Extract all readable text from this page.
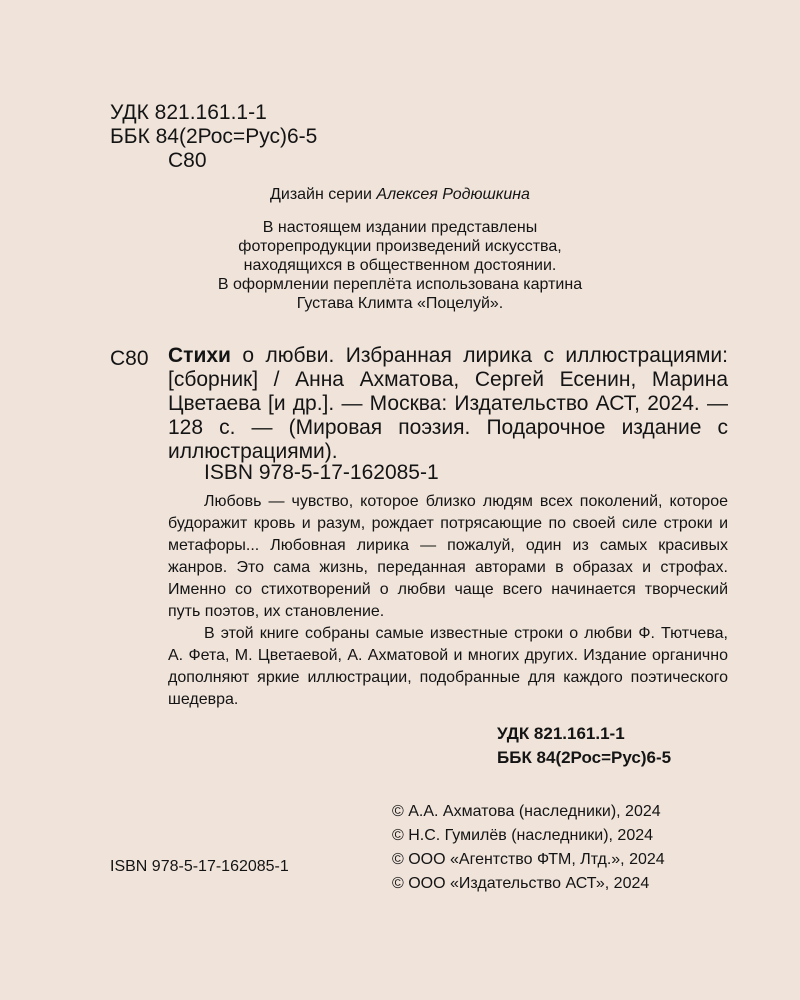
УДК 821.161.1-1
ББК 84(2Рос=Рус)6-5
С80
Дизайн серии Алексея Родюшкина
В настоящем издании представлены
фоторепродукции произведений искусства,
находящихся в общественном достоянии.
В оформлении переплёта использована картина
Густава Климта «Поцелуй».
С80 Стихи о любви. Избранная лирика с иллюстрациями: [сборник] / Анна Ахматова, Сергей Есенин, Марина Цветаева [и др.]. — Москва: Издательство АСТ, 2024. — 128 с. — (Мировая поэзия. Подарочное издание с иллюстрациями).
ISBN 978-5-17-162085-1

Любовь — чувство, которое близко людям всех поколений, которое будоражит кровь и разум, рождает потрясающие по своей силе строки и метафоры... Любовная лирика — пожалуй, один из самых красивых жанров. Это сама жизнь, переданная авторами в образах и строфах. Именно со стихотворений о любви чаще всего начинается творческий путь поэтов, их становление.

В этой книге собраны самые известные строки о любви Ф. Тютчева, А. Фета, М. Цветаевой, А. Ахматовой и многих других. Издание органично дополняют яркие иллюстрации, подобранные для каждого поэтического шедевра.

УДК 821.161.1-1
ББК 84(2Рос=Рус)6-5
© А.А. Ахматова (наследники), 2024
© Н.С. Гумилёв (наследники), 2024
© ООО «Агентство ФТМ, Лтд.», 2024
© ООО «Издательство АСТ», 2024
ISBN 978-5-17-162085-1
